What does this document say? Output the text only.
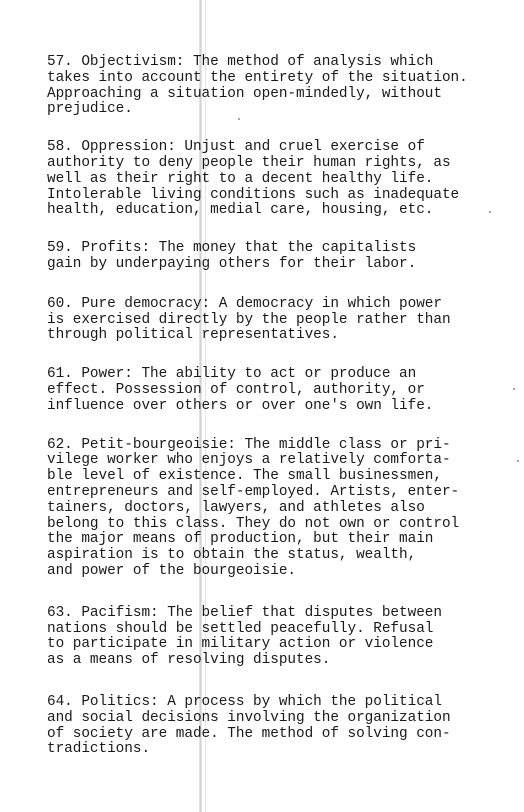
57. Objectivism: The method of analysis which
takes into account the entirety of the situation.
Approaching a situation open-mindedly, without
prejudice.

58. Oppression: Unjust and cruel exercise of
authority to deny people their human rights, as
well as their right to a decent healthy life.
Intolerable living conditions such as inadequate
health, education, medial care, housing, etc.

59. Profits: The money that the capitalists
gain by underpaying others for their labor.

60. Pure democracy: A democracy in which power
is exercised directly by the people rather than
through political representatives.

61. Power: The ability to act or produce an
effect. Possession of control, authority, or
influence over others or over one's own life.

62. Petit-bourgeoisie: The middle class or pri-
vilege worker who enjoys a relatively comforta-
ble level of existence. The small businessmen,
entrepreneurs and self-employed. Artists, enter-
tainers, doctors, lawyers, and athletes also
belong to this class. They do not own or control
the major means of production, but their main
aspiration is to obtain the status, wealth,
and power of the bourgeoisie.

63. Pacifism: The belief that disputes between
nations should be settled peacefully. Refusal
to participate in military action or violence
as a means of resolving disputes.

64. Politics: A process by which the political
and social decisions involving the organization
of society are made. The method of solving con-
tradictions.
